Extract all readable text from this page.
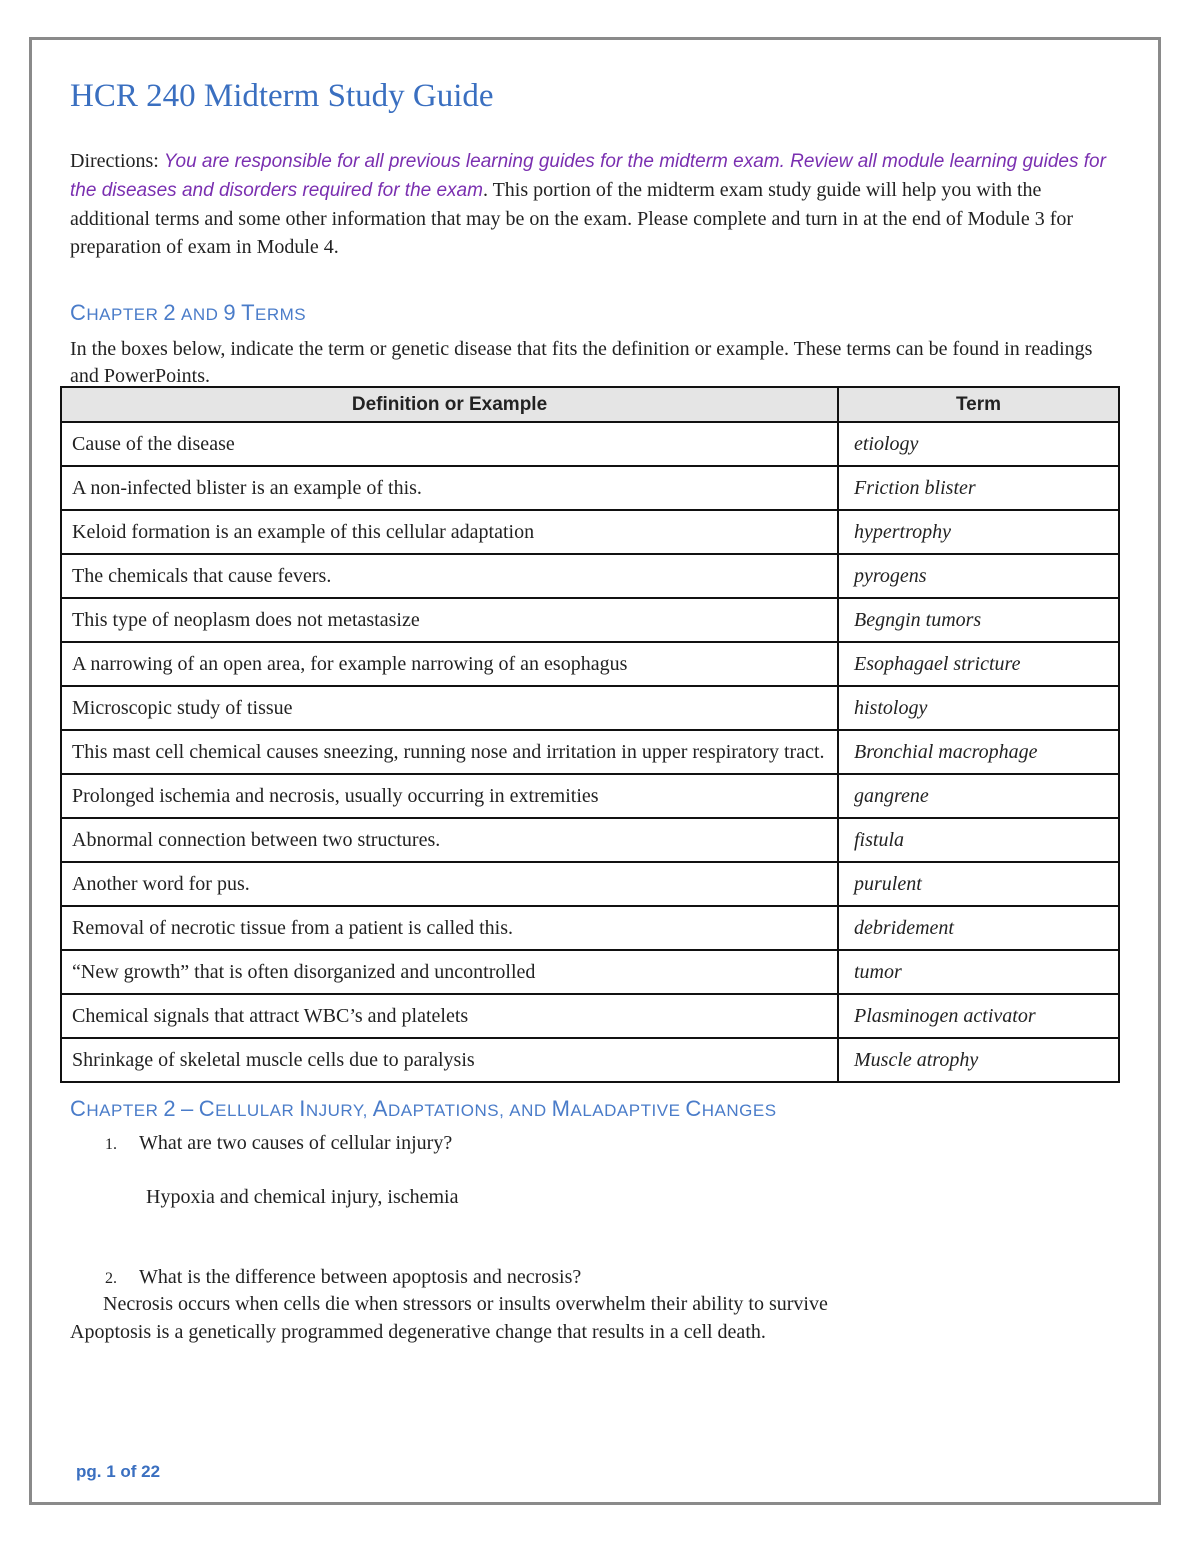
HCR 240 Midterm Study Guide
Directions: You are responsible for all previous learning guides for the midterm exam. Review all module learning guides for the diseases and disorders required for the exam. This portion of the midterm exam study guide will help you with the additional terms and some other information that may be on the exam. Please complete and turn in at the end of Module 3 for preparation of exam in Module 4.
CHAPTER 2 AND 9 TERMS
In the boxes below, indicate the term or genetic disease that fits the definition or example. These terms can be found in readings and PowerPoints.
Definition or Example	Term
Cause of the disease	etiology
A non-infected blister is an example of this.	Friction blister
Keloid formation is an example of this cellular adaptation	hypertrophy
The chemicals that cause fevers.	pyrogens
This type of neoplasm does not metastasize	Begngin tumors
A narrowing of an open area, for example narrowing of an esophagus	Esophagael stricture
Microscopic study of tissue	histology
This mast cell chemical causes sneezing, running nose and irritation in upper respiratory tract.	Bronchial macrophage
Prolonged ischemia and necrosis, usually occurring in extremities	gangrene
Abnormal connection between two structures.	fistula
Another word for pus.	purulent
Removal of necrotic tissue from a patient is called this.	debridement
“New growth” that is often disorganized and uncontrolled	tumor
Chemical signals that attract WBC’s and platelets	Plasminogen activator
Shrinkage of skeletal muscle cells due to paralysis	Muscle atrophy
CHAPTER 2 – CELLULAR INJURY, ADAPTATIONS, AND MALADAPTIVE CHANGES
1. What are two causes of cellular injury?
Hypoxia and chemical injury, ischemia
2. What is the difference between apoptosis and necrosis?
Necrosis occurs when cells die when stressors or insults overwhelm their ability to survive
Apoptosis is a genetically programmed degenerative change that results in a cell death.
pg. 1 of 22
